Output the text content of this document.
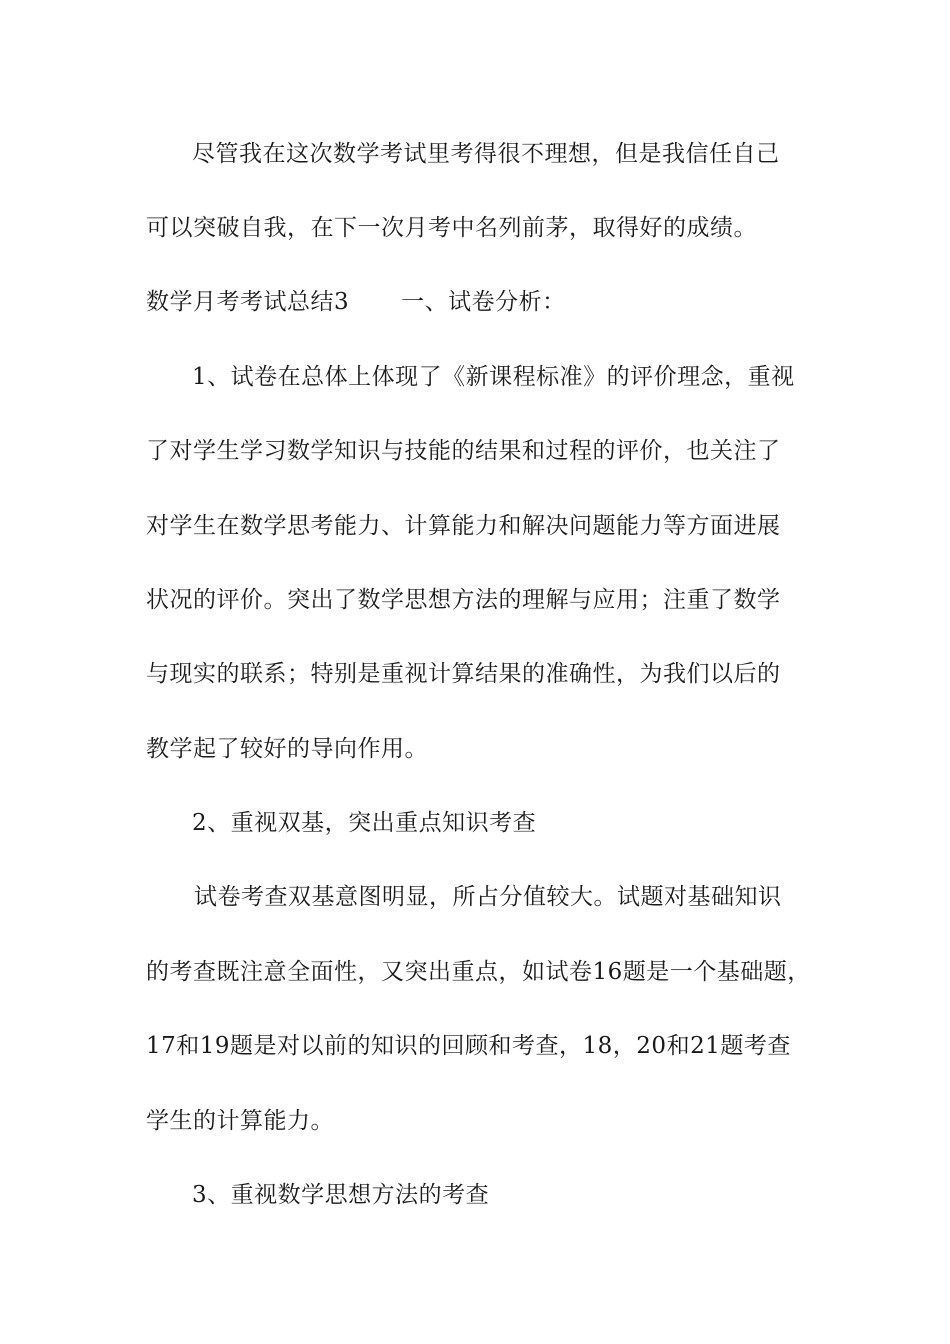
尽管我在这次数学考试里考得很不理想，但是我信任自己
可以突破自我，在下一次月考中名列前茅，取得好的成绩。
数学月考考试总结3 一、试卷分析：
1、试卷在总体上体现了《新课程标准》的评价理念，重视
了对学生学习数学知识与技能的结果和过程的评价，也关注了
对学生在数学思考能力、计算能力和解决问题能力等方面进展
状况的评价。突出了数学思想方法的理解与应用；注重了数学
与现实的联系；特别是重视计算结果的准确性，为我们以后的
教学起了较好的导向作用。
2、重视双基，突出重点知识考查
试卷考查双基意图明显，所占分值较大。试题对基础知识
的考查既注意全面性，又突出重点，如试卷16题是一个基础题，
17和19题是对以前的知识的回顾和考查，18，20和21题考查
学生的计算能力。
3、重视数学思想方法的考查
